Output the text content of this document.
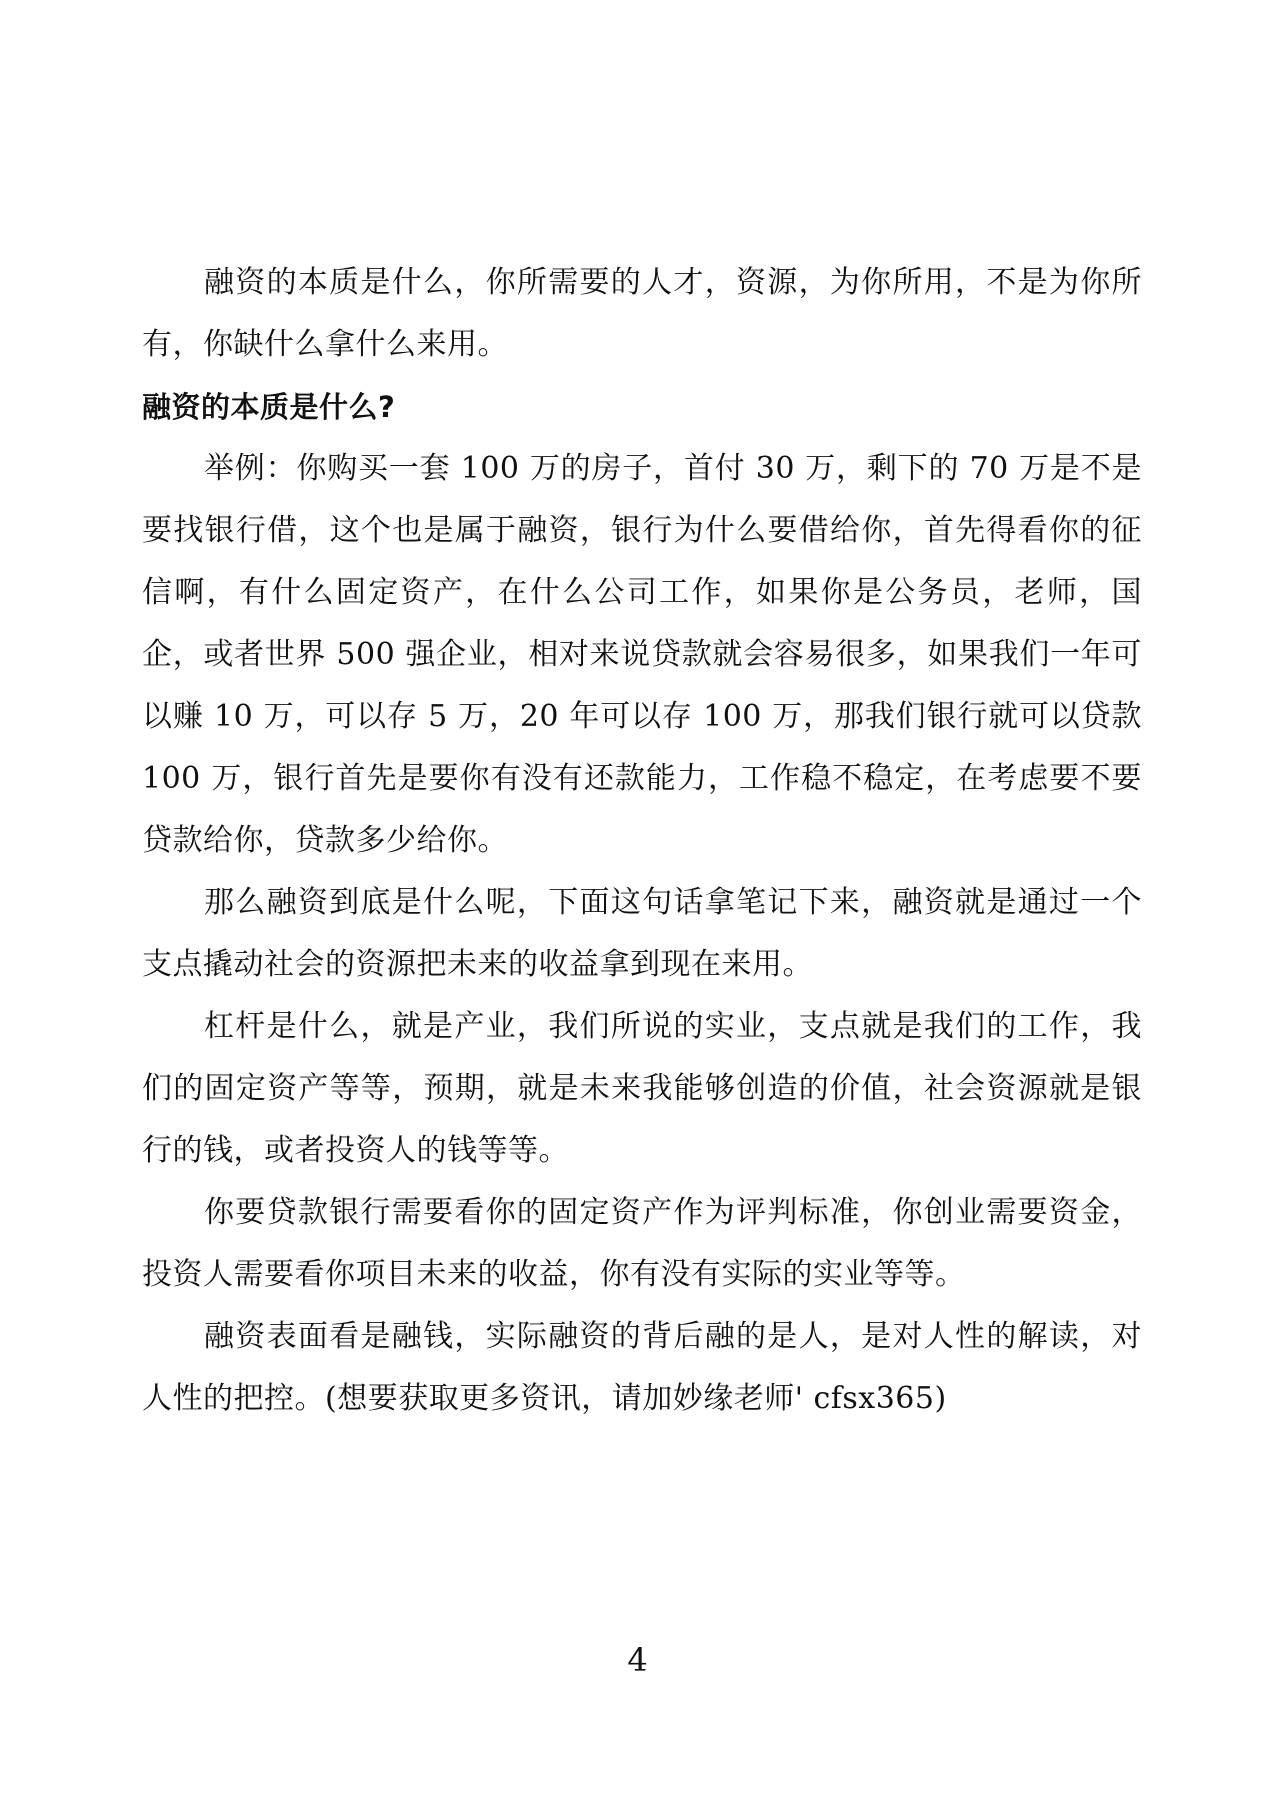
融资的本质是什么，你所需要的人才，资源，为你所用，不是为你所有，你缺什么拿什么来用。

融资的本质是什么?

举例：你购买一套 100 万的房子，首付 30 万，剩下的 70 万是不是要找银行借，这个也是属于融资，银行为什么要借给你，首先得看你的征信啊，有什么固定资产，在什么公司工作，如果你是公务员，老师，国企，或者世界 500 强企业，相对来说贷款就会容易很多，如果我们一年可以赚 10 万，可以存 5 万，20 年可以存 100 万，那我们银行就可以贷款 100 万，银行首先是要你有没有还款能力，工作稳不稳定，在考虑要不要贷款给你，贷款多少给你。

那么融资到底是什么呢，下面这句话拿笔记下来，融资就是通过一个支点撬动社会的资源把未来的收益拿到现在来用。

杠杆是什么，就是产业，我们所说的实业，支点就是我们的工作，我们的固定资产等等，预期，就是未来我能够创造的价值，社会资源就是银行的钱，或者投资人的钱等等。

你要贷款银行需要看你的固定资产作为评判标准，你创业需要资金，投资人需要看你项目未来的收益，你有没有实际的实业等等。

融资表面看是融钱，实际融资的背后融的是人，是对人性的解读，对人性的把控。(想要获取更多资讯，请加妙缘老师' cfsx365)

4
